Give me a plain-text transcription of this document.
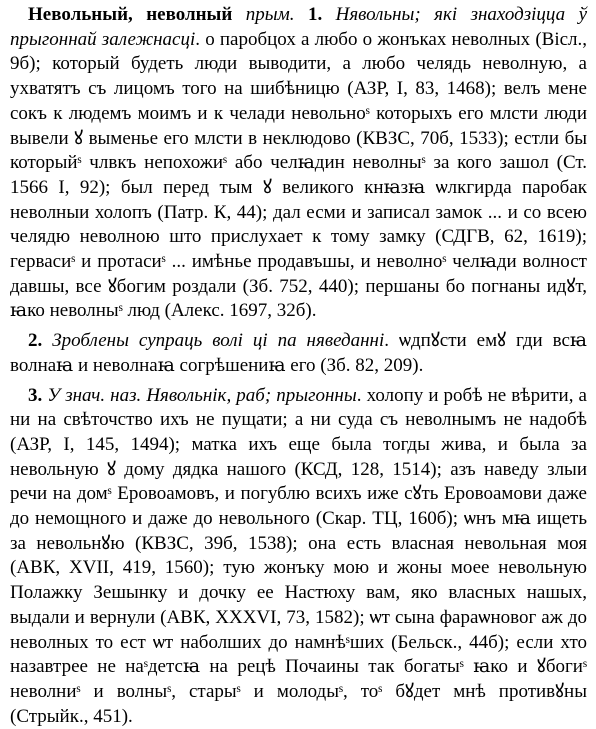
Невольный, неволный прым. 1. Нявольны; які знаходзіцца ў прыгоннай залежнасці. о паробцох а любо о жонъках неволных (Вісл., 9б); который будеть люди выводити, а любо челядь неволную, а ухватятъ съ лицомъ того на шибѣницю (АЗР, І, 83, 1468); велъ мене сокъ к людемъ моимъ и к челади невольноˢ которыхъ его млсти люди вывели ꙋ выменье его млсти в неклюдово (КВЗС, 70б, 1533); естли бы которыйˢ члвкъ непохожиˢ або челꙗдин неволныˢ за кого зашол (Ст. 1566 І, 92); был перед тым ꙋ великого кнꙗзꙗ ѡлкгирда паробак неволныи холопъ (Патр. К, 44); дал есми и записал замок ... и со всею челядю неволною што прислухает к тому замку (СДГВ, 62, 1619); гервасиˢ и протасиˢ ... имѣнье продавъшы, и неволноˢ челꙗди волност давшы, все ꙋбогим роздали (Зб. 752, 440); першаны бо погнаны идꙋт, ꙗко неволныˢ люд (Алекс. 1697, 32б).

2. Зроблены супраць волі ці па няведанні. ѡдпꙋсти емꙋ гди всꙗ волнаꙗ и неволнаꙗ согрѣшениꙗ его (Зб. 82, 209).

3. У знач. наз. Нявольнік, раб; прыгонны. холопу и робѣ не вѣрити, а ни на свѣточство ихъ не пущати; а ни суда съ неволнымъ не надобѣ (АЗР, І, 145, 1494); матка ихъ еще была тогды жива, и была за невольную ꙋ дому дядка нашого (КСД, 128, 1514); азъ наведу злыи речи на домˢ Еровоамовъ, и погублю всихъ иже сꙋть Еровоамови даже до немощного и даже до невольного (Скар. ТЦ, 160б); ѡнъ мꙗ ищеть за невольнꙋю (КВЗС, 39б, 1538); она есть власная невольная моя (АВК, XVII, 419, 1560); тую жонъку мою и жоны моее невольную Полажку Зешынку и дочку ее Настюху вам, яко власных нашых, выдали и вернули (АВК, XXXVI, 73, 1582); ѡт сына фараѡновог аж до неволных то ест ѡт наболших до намнѣˢших (Бельск., 44б); если хто назавтрее не наˢдетсꙗ на рецѣ Почаины так богатыˢ ꙗко и ꙋбогиˢ неволниˢ и волныˢ, старыˢ и молодыˢ, тоˢ бꙋдет мнѣ противꙋны (Стрыйк., 451).
